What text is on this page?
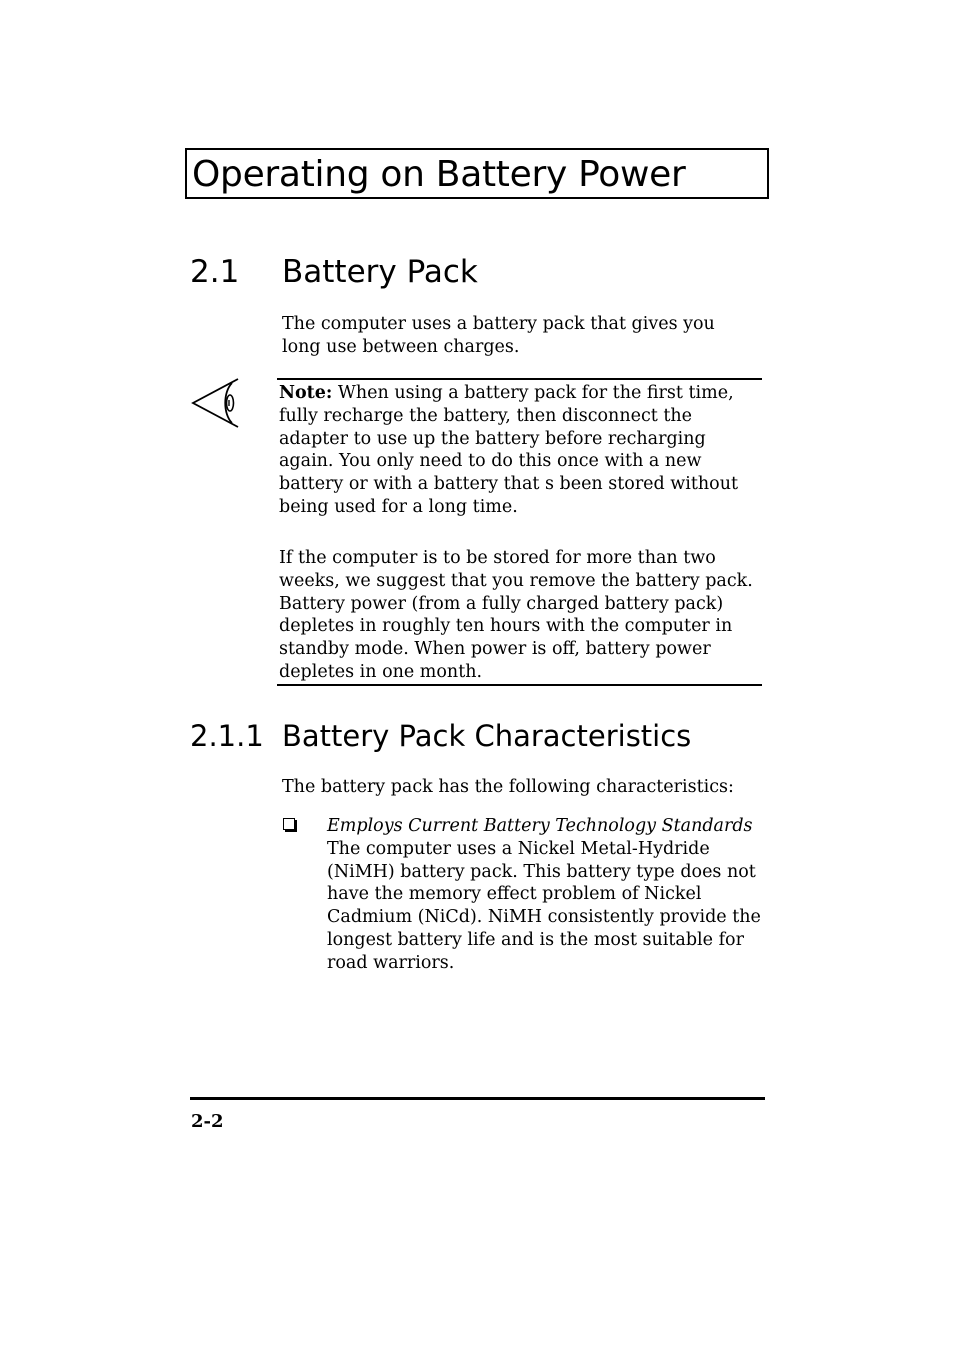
Operating on Battery Power
2.1 Battery Pack

The computer uses a battery pack that gives you long use between charges.

Note: When using a battery pack for the first time, fully recharge the battery, then disconnect the adapter to use up the battery before recharging again. You only need to do this once with a new battery or with a battery that s been stored without being used for a long time.

If the computer is to be stored for more than two weeks, we suggest that you remove the battery pack. Battery power (from a fully charged battery pack) depletes in roughly ten hours with the computer in standby mode. When power is off, battery power depletes in one month.

2.1.1 Battery Pack Characteristics

The battery pack has the following characteristics:

Employs Current Battery Technology Standards The computer uses a Nickel Metal-Hydride (NiMH) battery pack. This battery type does not have the memory effect problem of Nickel Cadmium (NiCd). NiMH consistently provide the longest battery life and is the most suitable for road warriors.

2-2
